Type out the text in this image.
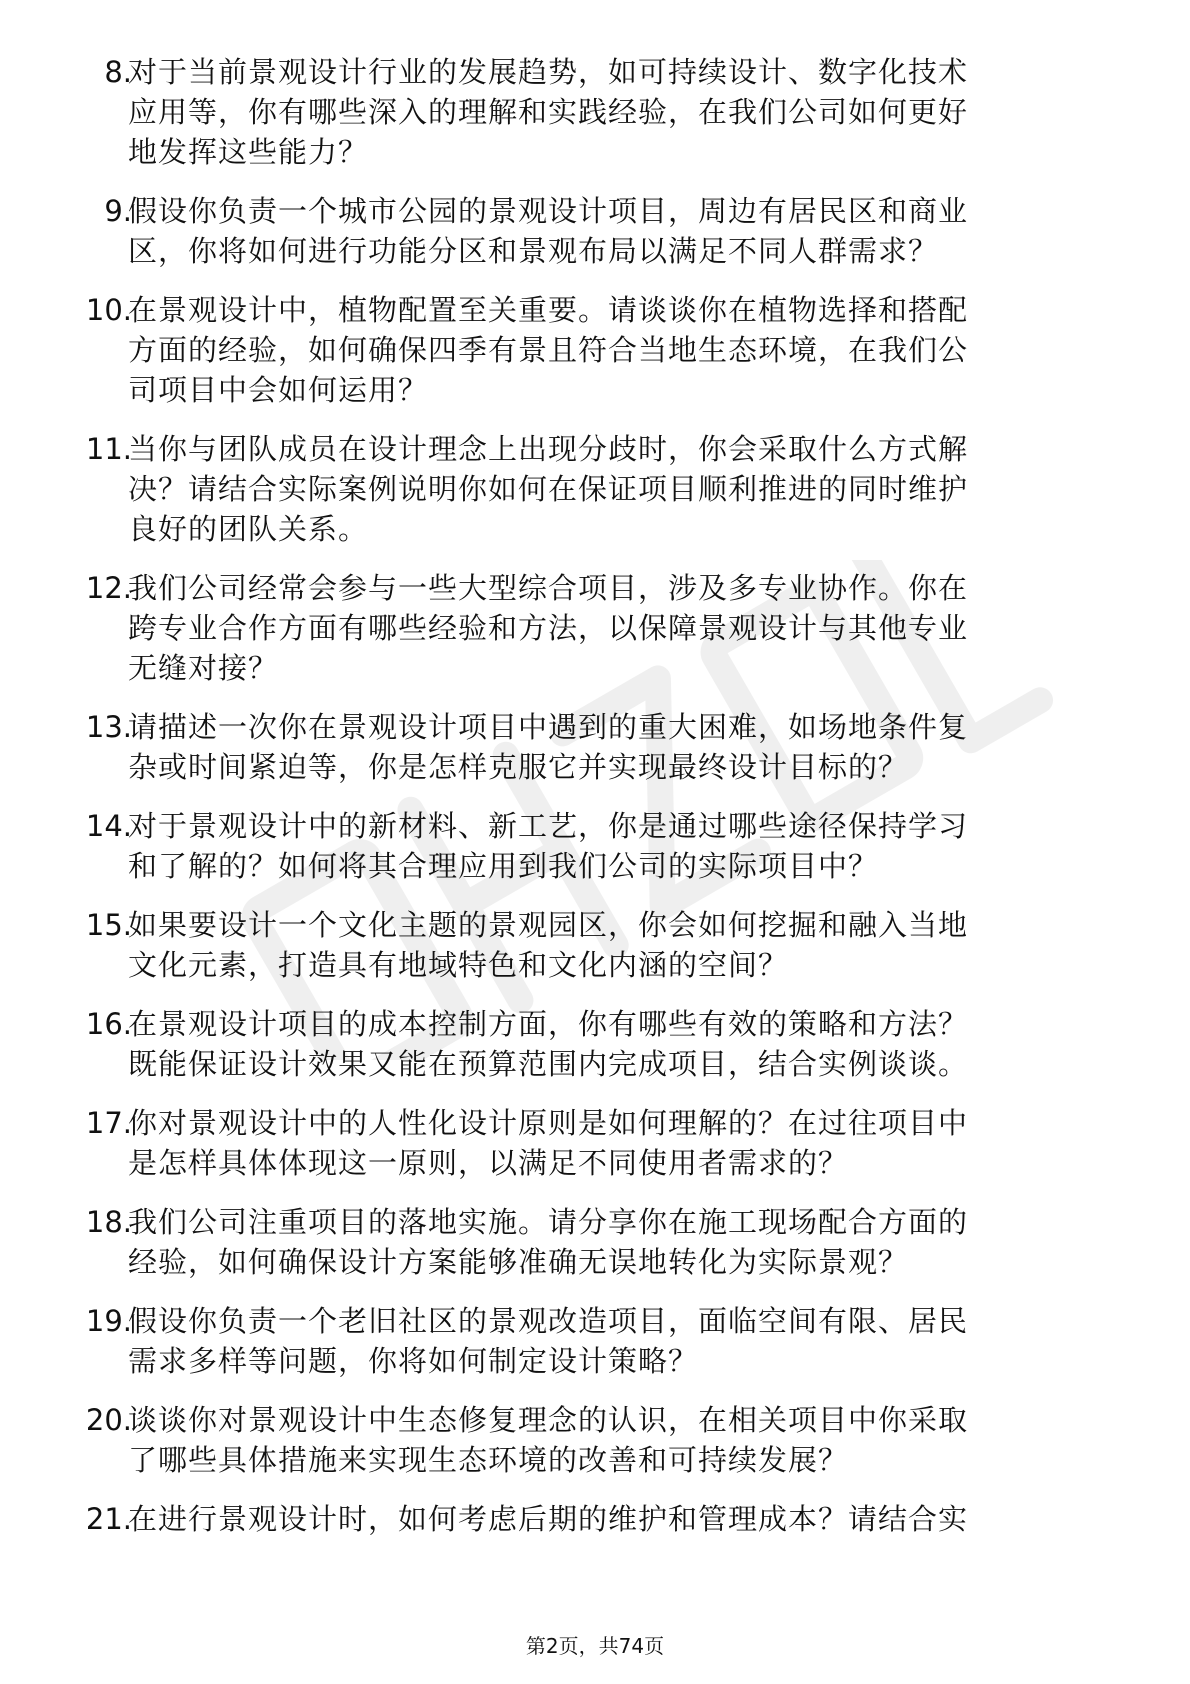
8.
对于当前景观设计行业的发展趋势，如可持续设计、数字化技术
应用等，你有哪些深入的理解和实践经验，在我们公司如何更好
地发挥这些能力？
9.
假设你负责一个城市公园的景观设计项目，周边有居民区和商业
区，你将如何进行功能分区和景观布局以满足不同人群需求？
10.
在景观设计中，植物配置至关重要。请谈谈你在植物选择和搭配
方面的经验，如何确保四季有景且符合当地生态环境，在我们公
司项目中会如何运用？
11.
当你与团队成员在设计理念上出现分歧时，你会采取什么方式解
决？请结合实际案例说明你如何在保证项目顺利推进的同时维护
良好的团队关系。
12.
我们公司经常会参与一些大型综合项目，涉及多专业协作。你在
跨专业合作方面有哪些经验和方法，以保障景观设计与其他专业
无缝对接？
13.
请描述一次你在景观设计项目中遇到的重大困难，如场地条件复
杂或时间紧迫等，你是怎样克服它并实现最终设计目标的？
14.
对于景观设计中的新材料、新工艺，你是通过哪些途径保持学习
和了解的？如何将其合理应用到我们公司的实际项目中？
15.
如果要设计一个文化主题的景观园区，你会如何挖掘和融入当地
文化元素，打造具有地域特色和文化内涵的空间？
16.
在景观设计项目的成本控制方面，你有哪些有效的策略和方法？
既能保证设计效果又能在预算范围内完成项目，结合实例谈谈。
17.
你对景观设计中的人性化设计原则是如何理解的？在过往项目中
是怎样具体体现这一原则，以满足不同使用者需求的？
18.
我们公司注重项目的落地实施。请分享你在施工现场配合方面的
经验，如何确保设计方案能够准确无误地转化为实际景观？
19.
假设你负责一个老旧社区的景观改造项目，面临空间有限、居民
需求多样等问题，你将如何制定设计策略？
20.
谈谈你对景观设计中生态修复理念的认识，在相关项目中你采取
了哪些具体措施来实现生态环境的改善和可持续发展？
21.
在进行景观设计时，如何考虑后期的维护和管理成本？请结合实
第2页，共74页
